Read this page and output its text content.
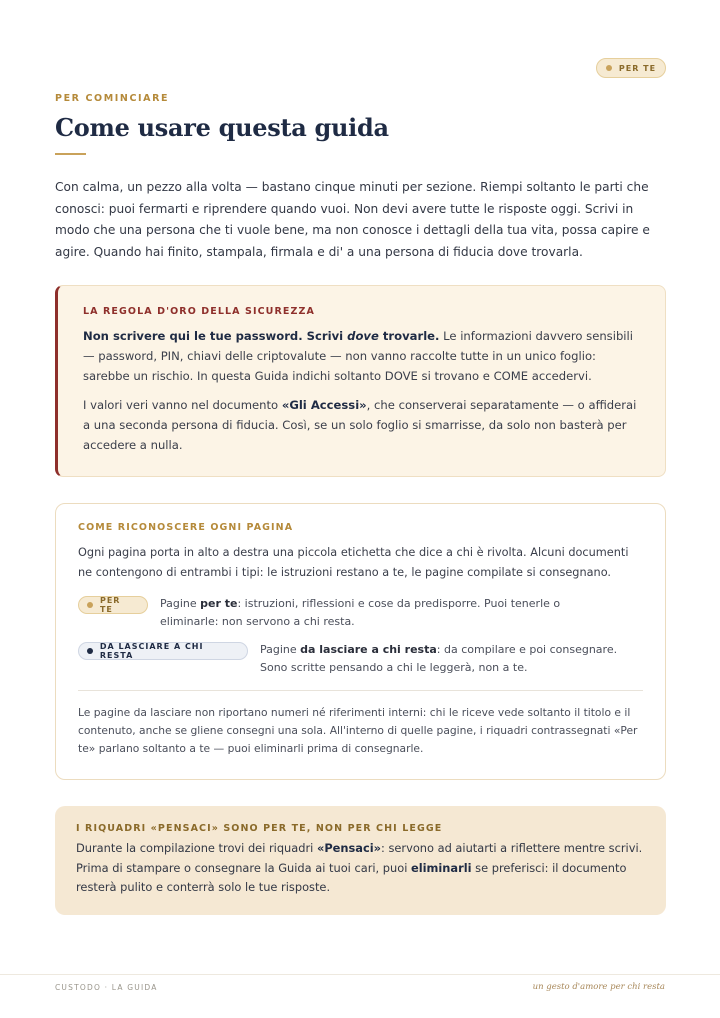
PER TE
PER COMINCIARE
Come usare questa guida

Con calma, un pezzo alla volta — bastano cinque minuti per sezione. Riempi soltanto le parti che conosci: puoi fermarti e riprendere quando vuoi. Non devi avere tutte le risposte oggi. Scrivi in modo che una persona che ti vuole bene, ma non conosce i dettagli della tua vita, possa capire e agire. Quando hai finito, stampala, firmala e di' a una persona di fiducia dove trovarla.

LA REGOLA D'ORO DELLA SICUREZZA

Non scrivere qui le tue password. Scrivi dove trovarle. Le informazioni davvero sensibili — password, PIN, chiavi delle criptovalute — non vanno raccolte tutte in un unico foglio: sarebbe un rischio. In questa Guida indichi soltanto DOVE si trovano e COME accedervi.

I valori veri vanno nel documento «Gli Accessi», che conserverai separatamente — o affiderai a una seconda persona di fiducia. Così, se un solo foglio si smarrisse, da solo non basterà per accedere a nulla.

COME RICONOSCERE OGNI PAGINA

Ogni pagina porta in alto a destra una piccola etichetta che dice a chi è rivolta. Alcuni documenti ne contengono di entrambi i tipi: le istruzioni restano a te, le pagine compilate si consegnano.

PER TE	Pagine per te: istruzioni, riflessioni e cose da predisporre. Puoi tenerle o eliminarle: non servono a chi resta.
DA LASCIARE A CHI RESTA	Pagine da lasciare a chi resta: da compilare e poi consegnare. Sono scritte pensando a chi le leggerà, non a te.

Le pagine da lasciare non riportano numeri né riferimenti interni: chi le riceve vede soltanto il titolo e il contenuto, anche se gliene consegni una sola. All'interno di quelle pagine, i riquadri contrassegnati «Per te» parlano soltanto a te — puoi eliminarli prima di consegnarle.

I RIQUADRI «PENSACI» SONO PER TE, NON PER CHI LEGGE

Durante la compilazione trovi dei riquadri «Pensaci»: servono ad aiutarti a riflettere mentre scrivi. Prima di stampare o consegnare la Guida ai tuoi cari, puoi eliminarli se preferisci: il documento resterà pulito e conterrà solo le tue risposte.

CUSTODO · LA GUIDA	un gesto d'amore per chi resta
